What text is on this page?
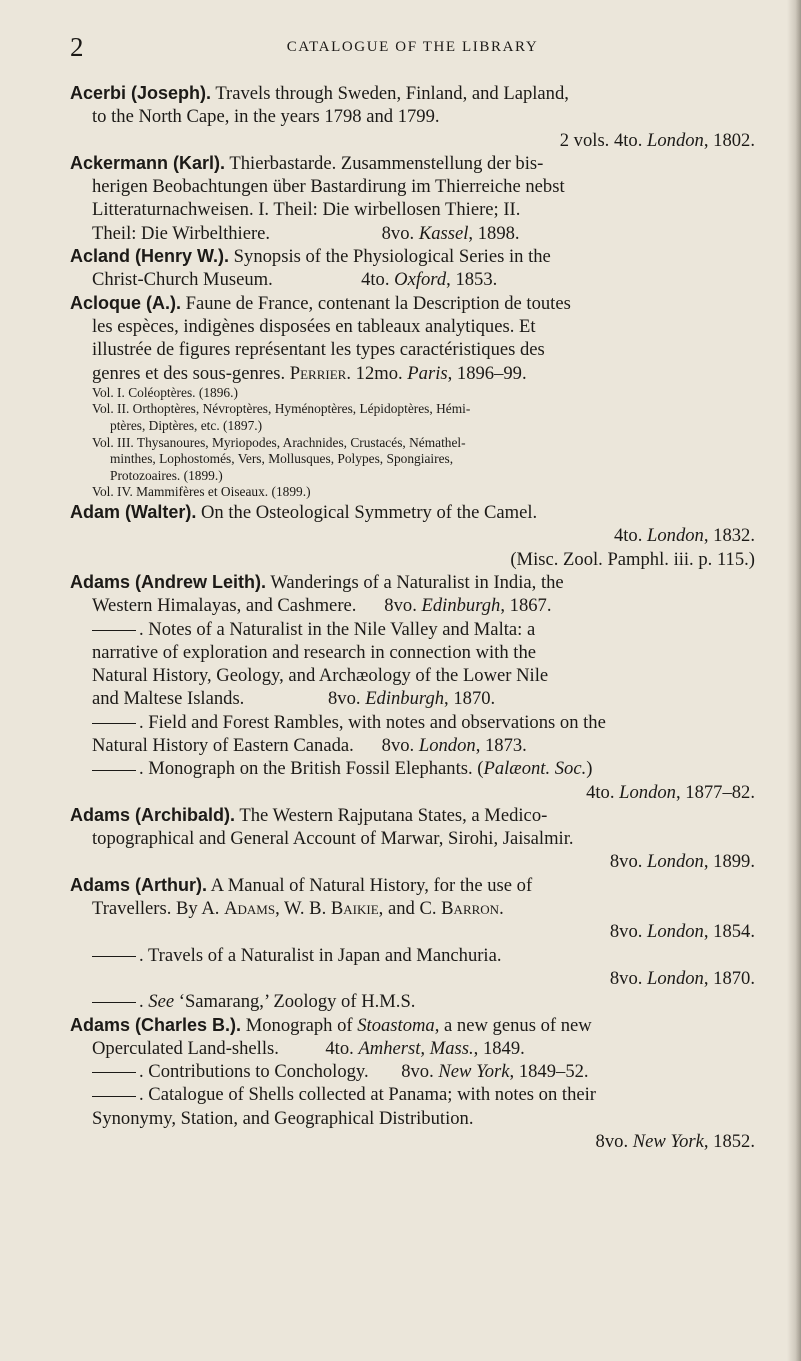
2	CATALOGUE OF THE LIBRARY
Acerbi (Joseph). Travels through Sweden, Finland, and Lapland,
to the North Cape, in the years 1798 and 1799.
2 vols. 4to. London, 1802.
Ackermann (Karl). Thierbastarde. Zusammenstellung der bis-
herigen Beobachtungen über Bastardirung im Thierreiche nebst
Litteraturnachweisen. I. Theil: Die wirbellosen Thiere; II.
Theil: Die Wirbelthiere.                        8vo. Kassel, 1898.
Acland (Henry W.). Synopsis of the Physiological Series in the
Christ-Church Museum.                   4to. Oxford, 1853.
Acloque (A.). Faune de France, contenant la Description de toutes
les espèces, indigènes disposées en tableaux analytiques. Et
illustrée de figures représentant les types caractéristiques des
genres et des sous-genres. Perrier. 12mo. Paris, 1896–99.
Vol. I. Coléoptères. (1896.)
Vol. II. Orthoptères, Névroptères, Hyménoptères, Lépidoptères, Hémi-
ptères, Diptères, etc. (1897.)
Vol. III. Thysanoures, Myriopodes, Arachnides, Crustacés, Némathel-
minthes, Lophostomés, Vers, Mollusques, Polypes, Spongiaires,
Protozoaires. (1899.)
Vol. IV. Mammifères et Oiseaux. (1899.)
Adam (Walter). On the Osteological Symmetry of the Camel.
4to. London, 1832.
(Misc. Zool. Pamphl. iii. p. 115.)
Adams (Andrew Leith). Wanderings of a Naturalist in India, the
Western Himalayas, and Cashmere.      8vo. Edinburgh, 1867.
. Notes of a Naturalist in the Nile Valley and Malta: a
narrative of exploration and research in connection with the
Natural History, Geology, and Archæology of the Lower Nile
and Maltese Islands.                  8vo. Edinburgh, 1870.
. Field and Forest Rambles, with notes and observations on the
Natural History of Eastern Canada.      8vo. London, 1873.
. Monograph on the British Fossil Elephants. (Palæont. Soc.)
4to. London, 1877–82.
Adams (Archibald). The Western Rajputana States, a Medico-
topographical and General Account of Marwar, Sirohi, Jaisalmir.
8vo. London, 1899.
Adams (Arthur). A Manual of Natural History, for the use of
Travellers. By A. Adams, W. B. Baikie, and C. Barron.
8vo. London, 1854.
. Travels of a Naturalist in Japan and Manchuria.
8vo. London, 1870.
. See ‘Samarang,’ Zoology of H.M.S.
Adams (Charles B.). Monograph of Stoastoma, a new genus of new
Operculated Land-shells.          4to. Amherst, Mass., 1849.
. Contributions to Conchology.       8vo. New York, 1849–52.
. Catalogue of Shells collected at Panama; with notes on their
Synonymy, Station, and Geographical Distribution.
8vo. New York, 1852.
